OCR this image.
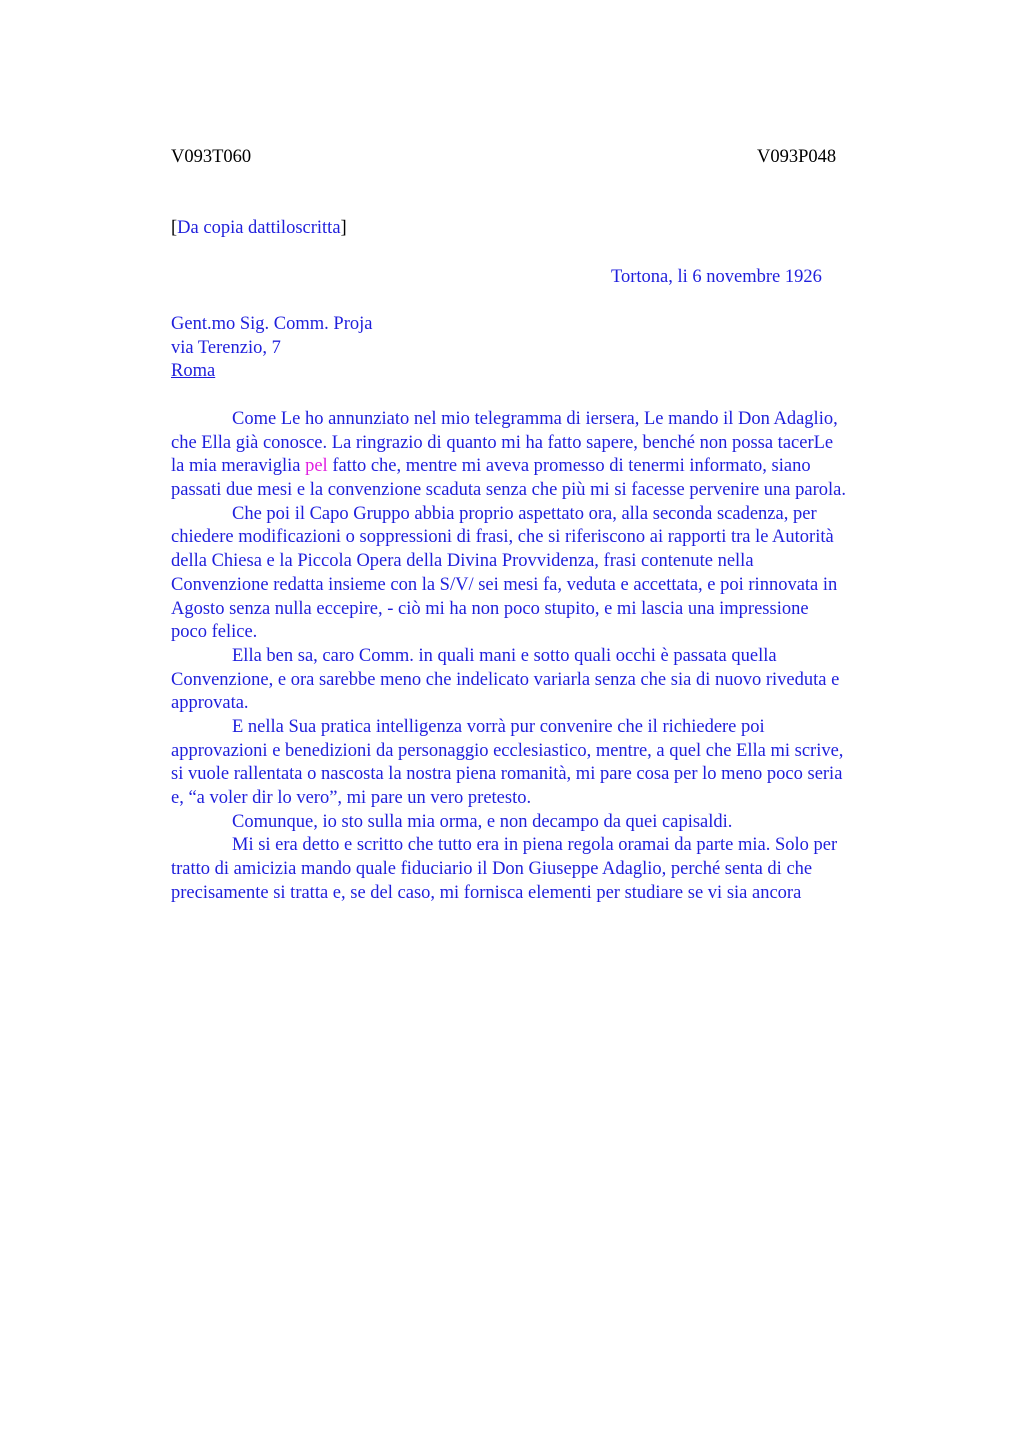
V093T060	V093P048
[Da copia dattiloscritta]
Tortona, li 6 novembre 1926
Gent.mo Sig. Comm. Proja
via Terenzio, 7
Roma
Come Le ho annunziato nel mio telegramma di iersera, Le mando il Don Adaglio,
che Ella già conosce. La ringrazio di quanto mi ha fatto sapere, benché non possa tacerLe
la mia meraviglia pel fatto che, mentre mi aveva promesso di tenermi informato, siano
passati due mesi e la convenzione scaduta senza che più mi si facesse pervenire una parola.
Che poi il Capo Gruppo abbia proprio aspettato ora, alla seconda scadenza, per
chiedere modificazioni o soppressioni di frasi, che si riferiscono ai rapporti tra le Autorità
della Chiesa e la Piccola Opera della Divina Provvidenza, frasi contenute nella
Convenzione redatta insieme con la S/V/ sei mesi fa, veduta e accettata, e poi rinnovata in
Agosto senza nulla eccepire, - ciò mi ha non poco stupito, e mi lascia una impressione
poco felice.
Ella ben sa, caro Comm. in quali mani e sotto quali occhi è passata quella
Convenzione, e ora sarebbe meno che indelicato variarla senza che sia di nuovo riveduta e
approvata.
E nella Sua pratica intelligenza vorrà pur convenire che il richiedere poi
approvazioni e benedizioni da personaggio ecclesiastico, mentre, a quel che Ella mi scrive,
si vuole rallentata o nascosta la nostra piena romanità, mi pare cosa per lo meno poco seria
e, “a voler dir lo vero”, mi pare un vero pretesto.
Comunque, io sto sulla mia orma, e non decampo da quei capisaldi.
Mi si era detto e scritto che tutto era in piena regola oramai da parte mia. Solo per
tratto di amicizia mando quale fiduciario il Don Giuseppe Adaglio, perché senta di che
precisamente si tratta e, se del caso, mi fornisca elementi per studiare se vi sia ancora
